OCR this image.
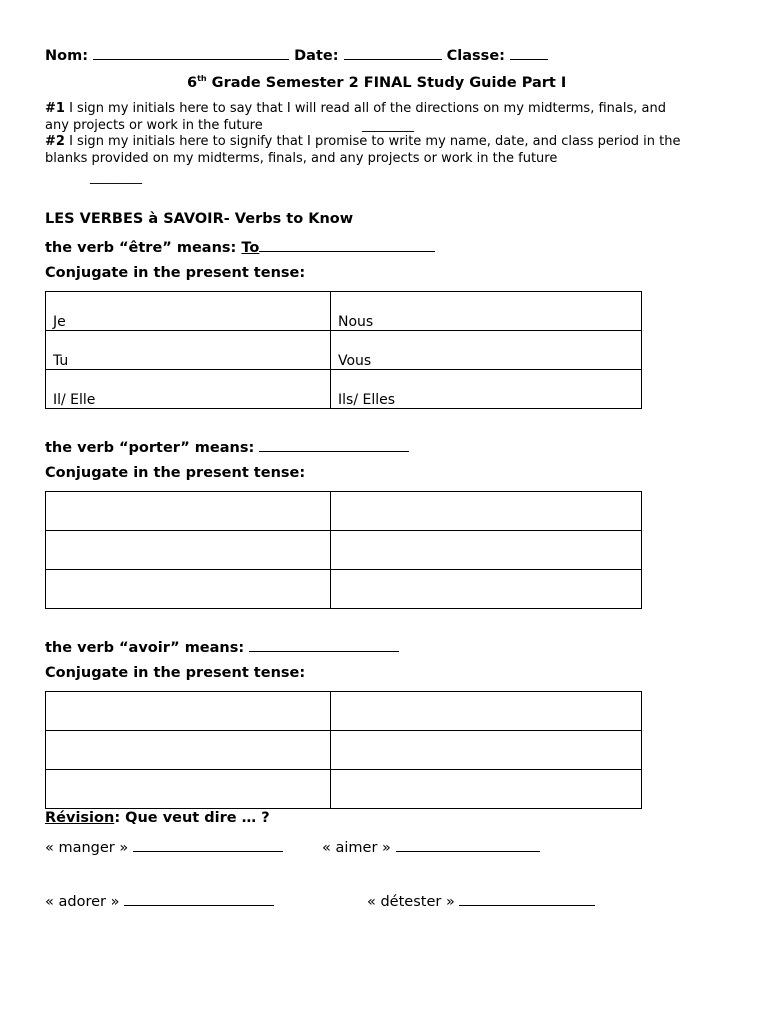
Nom:	Date:	Classe:
6th Grade Semester 2 FINAL Study Guide Part I
#1 I sign my initials here to say that I will read all of the directions on my midterms, finals, and
any projects or work in the future	________
#2 I sign my initials here to signify that I promise to write my name, date, and class period in the
blanks provided on my midterms, finals, and any projects or work in the future
________
LES VERBES à SAVOIR- Verbs to Know
the verb “être” means: To
Conjugate in the present tense:
Je	Nous

Tu	Vous

Il/ Elle	Ils/ Elles
the verb “porter” means:
Conjugate in the present tense:

the verb “avoir” means:
Conjugate in the present tense:

Révision: Que veut dire … ?
« manger »	« aimer »
« adorer »	« détester »
